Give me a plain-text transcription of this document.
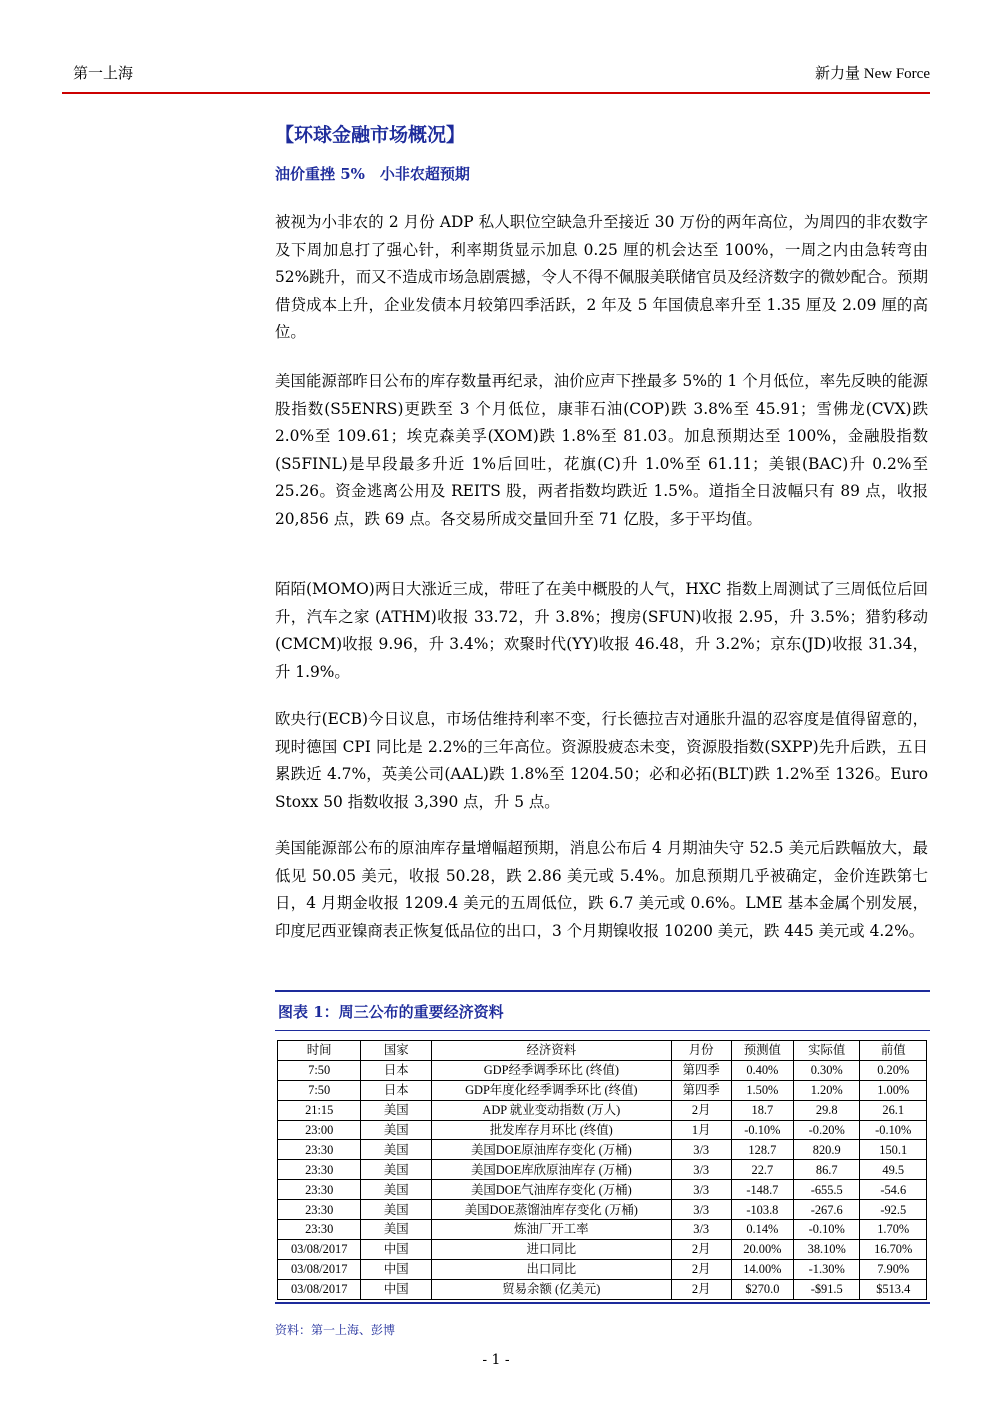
第一上海	新力量 New Force
【环球金融市场概况】
油价重挫 5%　小非农超预期

被视为小非农的 2 月份 ADP 私人职位空缺急升至接近 30 万份的两年高位，为周四的非农数字及下周加息打了强心针，利率期货显示加息 0.25 厘的机会达至 100%，一周之内由急转弯由 52%跳升，而又不造成市场急剧震撼，令人不得不佩服美联储官员及经济数字的微妙配合。预期借贷成本上升，企业发债本月较第四季活跃，2 年及 5 年国债息率升至 1.35 厘及 2.09 厘的高位。

美国能源部昨日公布的库存数量再纪录，油价应声下挫最多 5%的 1 个月低位，率先反映的能源股指数(S5ENRS)更跌至 3 个月低位，康菲石油(COP)跌 3.8%至 45.91；雪佛龙(CVX)跌 2.0%至 109.61；埃克森美孚(XOM)跌 1.8%至 81.03。加息预期达至 100%，金融股指数(S5FINL)是早段最多升近 1%后回吐，花旗(C)升 1.0%至 61.11；美银(BAC)升 0.2%至 25.26。资金逃离公用及 REITS 股，两者指数均跌近 1.5%。道指全日波幅只有 89 点，收报 20,856 点，跌 69 点。各交易所成交量回升至 71 亿股，多于平均值。

陌陌(MOMO)两日大涨近三成，带旺了在美中概股的人气，HXC 指数上周测试了三周低位后回升，汽车之家 (ATHM)收报 33.72，升 3.8%；搜房(SFUN)收报 2.95，升 3.5%；猎豹移动(CMCM)收报 9.96，升 3.4%；欢聚时代(YY)收报 46.48，升 3.2%；京东(JD)收报 31.34，升 1.9%。

欧央行(ECB)今日议息，市场估维持利率不变，行长德拉吉对通胀升温的忍容度是值得留意的，现时德国 CPI 同比是 2.2%的三年高位。资源股疲态未变，资源股指数(SXPP)先升后跌，五日累跌近 4.7%，英美公司(AAL)跌 1.8%至 1204.50；必和必拓(BLT)跌 1.2%至 1326。Euro Stoxx 50 指数收报 3,390 点，升 5 点。

美国能源部公布的原油库存量增幅超预期，消息公布后 4 月期油失守 52.5 美元后跌幅放大，最低见 50.05 美元，收报 50.28，跌 2.86 美元或 5.4%。加息预期几乎被确定，金价连跌第七日，4 月期金收报 1209.4 美元的五周低位，跌 6.7 美元或 0.6%。LME 基本金属个别发展，印度尼西亚镍商表正恢复低品位的出口，3 个月期镍收报 10200 美元，跌 445 美元或 4.2%。

图表 1：周三公布的重要经济资料
时间	国家	经济资料	月份	预测值	实际值	前值
7:50	日本	GDP经季调季环比 (终值)	第四季	0.40%	0.30%	0.20%
7:50	日本	GDP年度化经季调季环比 (终值)	第四季	1.50%	1.20%	1.00%
21:15	美国	ADP 就业变动指数 (万人)	2月	18.7	29.8	26.1
23:00	美国	批发库存月环比 (终值)	1月	-0.10%	-0.20%	-0.10%
23:30	美国	美国DOE原油库存变化 (万桶)	3/3	128.7	820.9	150.1
23:30	美国	美国DOE库欣原油库存 (万桶)	3/3	22.7	86.7	49.5
23:30	美国	美国DOE气油库存变化 (万桶)	3/3	-148.7	-655.5	-54.6
23:30	美国	美国DOE蒸馏油库存变化 (万桶)	3/3	-103.8	-267.6	-92.5
23:30	美国	炼油厂开工率	3/3	0.14%	-0.10%	1.70%
03/08/2017	中国	进口同比	2月	20.00%	38.10%	16.70%
03/08/2017	中国	出口同比	2月	14.00%	-1.30%	7.90%
03/08/2017	中国	贸易余额 (亿美元)	2月	$270.0	-$91.5	$513.4
资料：第一上海、彭博
- 1 -
